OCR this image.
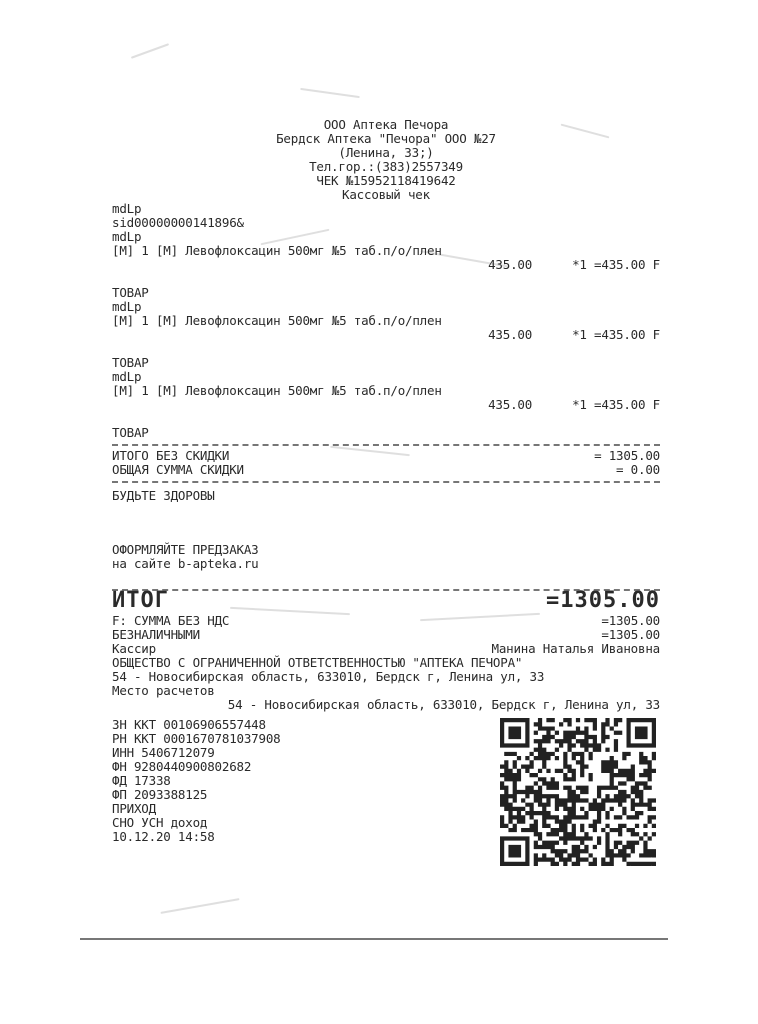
ООО Аптека Печора
Бердск Аптека "Печора" ООО №27
(Ленина, 33;)
Тел.гор.:(383)2557349
ЧЕК №15952118419642
Кассовый чек
mdLp
sid00000000141896&
mdLp
[М] 1 [М] Левофлоксацин 500мг №5 таб.п/о/плен
435.00	*1 =435.00 F
ТОВАР
mdLp
[М] 1 [М] Левофлоксацин 500мг №5 таб.п/о/плен
435.00	*1 =435.00 F
ТОВАР
mdLp
[М] 1 [М] Левофлоксацин 500мг №5 таб.п/о/плен
435.00	*1 =435.00 F
ТОВАР
ИТОГО БЕЗ СКИДКИ	= 1305.00
ОБЩАЯ СУММА СКИДКИ	= 0.00
БУДЬТЕ ЗДОРОВЫ
ОФОРМЛЯЙТЕ ПРЕДЗАКАЗ
на сайте b-apteka.ru
ИТОГ	=1305.00
F: СУММА БЕЗ НДС	=1305.00
БЕЗНАЛИЧНЫМИ	=1305.00
Кассир	Манина Наталья Ивановна
ОБЩЕСТВО С ОГРАНИЧЕННОЙ ОТВЕТСТВЕННОСТЬЮ "АПТЕКА ПЕЧОРА"
54 - Новосибирская область, 633010, Бердск г, Ленина ул, 33
Место расчетов
54 - Новосибирская область, 633010, Бердск г, Ленина ул, 33
ЗН ККТ 00106906557448
РН ККТ 0001670781037908
ИНН 5406712079
ФН 9280440900802682
ФД 17338
ФП 2093388125
ПРИХОД
СНО УСН доход
10.12.20 14:58
